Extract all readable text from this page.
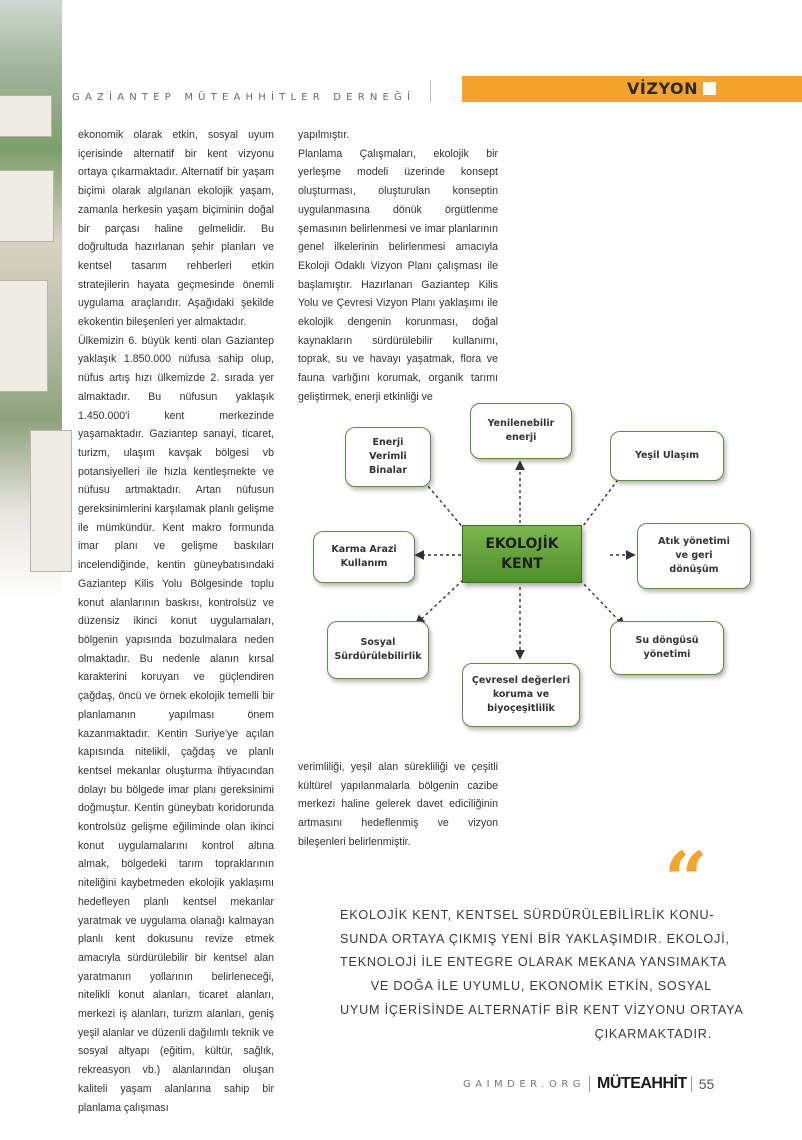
GAZİANTEP MÜTEAHHİTLER DERNEĞİ	VİZYON

ekonomik olarak etkin, sosyal uyum içerisinde alternatif bir kent vizyonu ortaya çıkarmaktadır. Alternatif bir yaşam biçimi olarak algılanan ekolojik yaşam, zamanla herkesin yaşam biçiminin doğal bir parçası haline gelmelidir. Bu doğrultuda hazırlanan şehir planları ve kentsel tasarım rehberleri etkin stratejilerin hayata geçmesinde önemli uygulama araçlarıdır. Aşağıdaki şekilde ekokentin bileşenleri yer almaktadır.

Ülkemizin 6. büyük kenti olan Gaziantep yaklaşık 1.850.000 nüfusa sahip olup, nüfus artış hızı ülkemizde 2. sırada yer almaktadır. Bu nüfusun yaklaşık 1.450.000'i kent merkezinde yaşamaktadır. Gaziantep sanayi, ticaret, turizm, ulaşım kavşak bölgesi vb potansiyelleri ile hızla kentleşmekte ve nüfusu artmaktadır. Artan nüfusun gereksinimlerini karşılamak planlı gelişme ile mümkündür. Kent makro formunda imar planı ve gelişme baskıları incelendiğinde, kentin güneybatısındaki Gaziantep Kilis Yolu Bölgesinde toplu konut alanlarının baskısı, kontrolsüz ve düzensiz ikinci konut uygulamaları, bölgenin yapısında bozulmalara neden olmaktadır. Bu nedenle alanın kırsal karakterini koruyan ve güçlendiren çağdaş, öncü ve örnek ekolojik temelli bir planlamanın yapılması önem kazanmaktadır. Kentin Suriye'ye açılan kapısında nitelikli, çağdaş ve planlı kentsel mekanlar oluşturma ihtiyacından dolayı bu bölgede imar planı gereksinimi doğmuştur. Kentin güneybatı koridorunda kontrolsüz gelişme eğiliminde olan ikinci konut uygulamalarını kontrol altına almak, bölgedeki tarım topraklarının niteliğini kaybetmeden ekolojik yaklaşımı hedefleyen planlı kentsel mekanlar yaratmak ve uygulama olanağı kalmayan planlı kent dokusunu revize etmek amacıyla sürdürülebilir bir kentsel alan yaratmanın yollarının belirleneceği, nitelikli konut alanları, ticaret alanları, merkezi iş alanları, turizm alanları, geniş yeşil alanlar ve düzenli dağılımlı teknik ve sosyal altyapı (eğitim, kültür, sağlık, rekreasyon vb.) alanlarından oluşan kaliteli yaşam alanlarına sahip bir planlama çalışması

yapılmıştır.

Planlama Çalışmaları, ekolojik bir yerleşme modeli üzerinde konsept oluşturması, oluşturulan konseptin uygulanmasına dönük örgütlenme şemasının belirlenmesi ve imar planlarının genel ilkelerinin belirlenmesi amacıyla Ekoloji Odaklı Vizyon Planı çalışması ile başlamıştır. Hazırlanan Gaziantep Kilis Yolu ve Çevresi Vizyon Planı yaklaşımı ile ekolojik dengenin korunması, doğal kaynakların sürdürülebilir kullanımı, toprak, su ve havayı yaşatmak, flora ve fauna varlığını korumak, organik tarımı geliştirmek, enerji etkinliği ve

EKOLOJİK
KENT
Yenilenebilir
enerji
Yeşil Ulaşım
Atık yönetimi
ve geri
dönüşüm
Su döngüsü
yönetimi
Çevresel değerleri
koruma ve
biyoçeşitlilik
Sosyal
Sürdürülebilirlik
Karma Arazi
Kullanım
Enerji
Verimli
Binalar

verimliliği, yeşil alan sürekliliği ve çeşitli kültürel yapılanmalarla bölgenin cazibe merkezi haline gelerek davet ediciliğinin artmasını hedeflenmiş ve vizyon bileşenleri belirlenmiştir.	“
EKOLOJİK KENT, KENTSEL SÜRDÜRÜLEBİLİRLİK KONU-
SUNDA ORTAYA ÇIKMIŞ YENİ BİR YAKLAŞIMDIR. EKOLOJİ,
TEKNOLOJİ İLE ENTEGRE OLARAK MEKANA YANSIMAKTA
VE DOĞA İLE UYUMLU, EKONOMİK ETKİN, SOSYAL
UYUM İÇERİSİNDE ALTERNATİF BİR KENT VİZYONU ORTAYA
ÇIKARMAKTADIR.
GAIMDER.ORG MÜTEAHHİT 55
